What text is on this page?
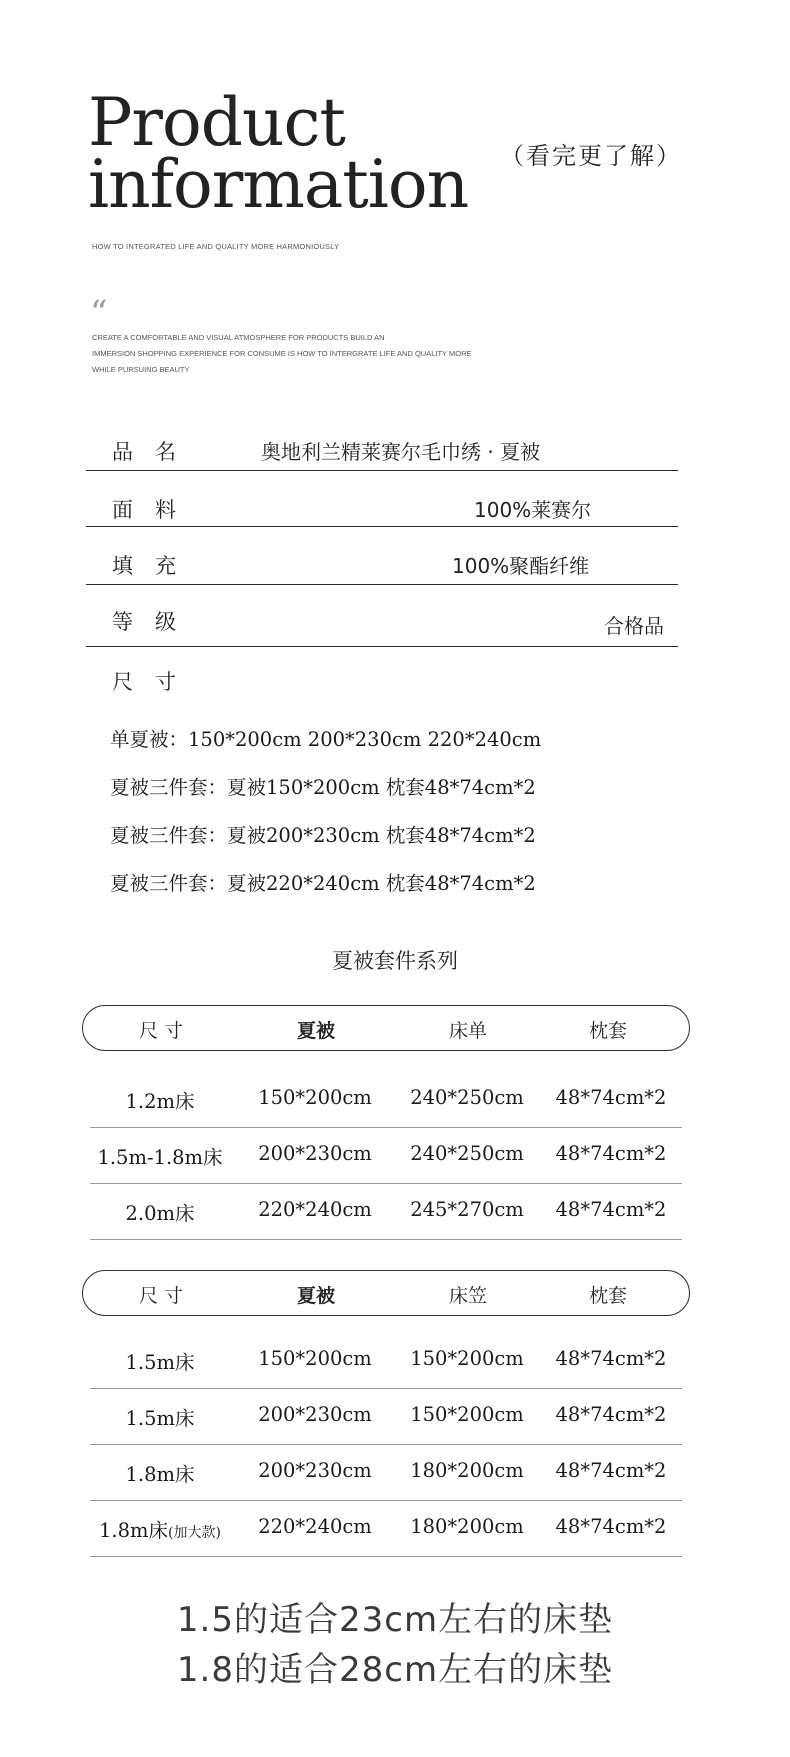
Product
information （看完更了解）
HOW TO INTEGRATED LIFE AND QUALITY MORE HARMONIOUSLY
“
CREATE A COMFORTABLE AND VISUAL ATMOSPHERE FOR PRODUCTS BUILD AN
IMMERSION SHOPPING EXPERIENCE FOR CONSUME IS HOW TO INTERGRATE LIFE AND QUALITY MORE
WHILE PURSUING BEAUTY
品名	奥地利兰精莱赛尔毛巾绣 · 夏被
面料	100%莱赛尔
填充	100%聚酯纤维
等级	合格品
尺寸
单夏被：150*200cm 200*230cm 220*240cm
夏被三件套：夏被150*200cm 枕套48*74cm*2
夏被三件套：夏被200*230cm 枕套48*74cm*2
夏被三件套：夏被220*240cm 枕套48*74cm*2
夏被套件系列
尺 寸	夏被	床单	枕套
1.2m床	150*200cm	240*250cm	48*74cm*2
1.5m-1.8m床	200*230cm	240*250cm	48*74cm*2
2.0m床	220*240cm	245*270cm	48*74cm*2
尺 寸	夏被	床笠	枕套
1.5m床	150*200cm	150*200cm	48*74cm*2
1.5m床	200*230cm	150*200cm	48*74cm*2
1.8m床	200*230cm	180*200cm	48*74cm*2
1.8m床(加大款)	220*240cm	180*200cm	48*74cm*2
1.5的适合23cm左右的床垫
1.8的适合28cm左右的床垫
